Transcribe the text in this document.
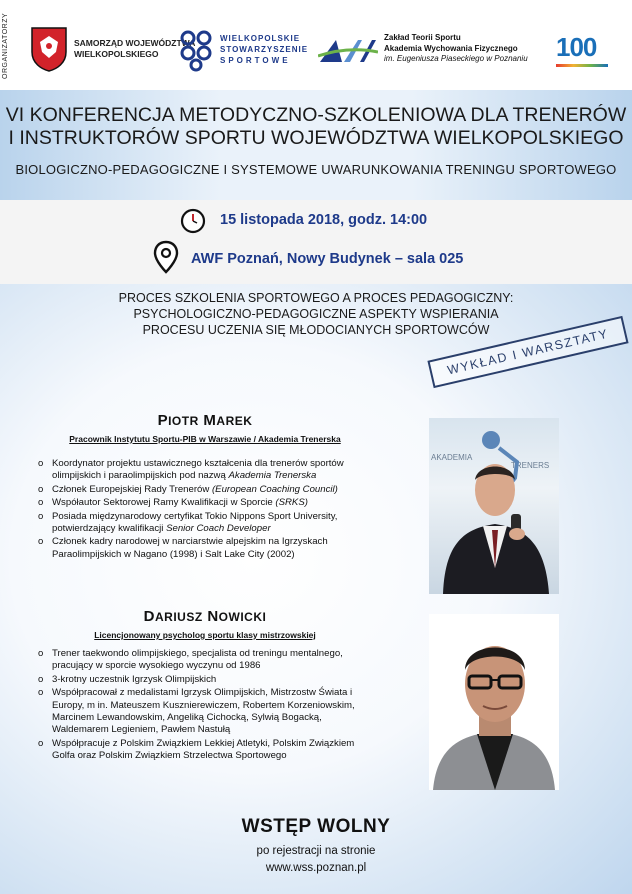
ORGANIZATORZY	SAMORZĄD WOJEWÓDZTWA
WIELKOPOLSKIEGO
WIELKOPOLSKIE
STOWARZYSZENIE
SPORTOWE
Zakład Teorii Sportu
Akademia Wychowania Fizycznego
im. Eugeniusza Piaseckiego w Poznaniu 100
VI KONFERENCJA METODYCZNO-SZKOLENIOWA DLA TRENERÓW
I INSTRUKTORÓW SPORTU WOJEWÓDZTWA WIELKOPOLSKIEGO
BIOLOGICZNO-PEDAGOGICZNE I SYSTEMOWE UWARUNKOWANIA TRENINGU SPORTOWEGO
15 listopada 2018, godz. 14:00
AWF Poznań, Nowy Budynek – sala 025
PROCES SZKOLENIA SPORTOWEGO A PROCES PEDAGOGICZNY:
PSYCHOLOGICZNO-PEDAGOGICZNE ASPEKTY WSPIERANIA
PROCESU UCZENIA SIĘ MŁODOCIANYCH SPORTOWCÓW
WYKŁAD I WARSZTATY
PIOTR MAREK
Pracownik Instytutu Sportu-PIB w Warszawie / Akademia Trenerska
o Koordynator projektu ustawicznego kształcenia dla trenerów sportów olimpijskich i paraolimpijskich pod nazwą Akademia Trenerska
o Członek Europejskiej Rady Trenerów (European Coaching Council)
o Współautor Sektorowej Ramy Kwalifikacji w Sporcie (SRKS)
o Posiada międzynarodowy certyfikat Tokio Nippons Sport University, potwierdzający kwalifikacji Senior Coach Developer
o Członek kadry narodowej w narciarstwie alpejskim na Igrzyskach Paraolimpijskich w Nagano (1998) i Salt Lake City (2002)
AKADEMIA
TRENERS
DARIUSZ NOWICKI
Licencjonowany psycholog sportu klasy mistrzowskiej
o Trener taekwondo olimpijskiego, specjalista od treningu mentalnego, pracujący w sporcie wysokiego wyczynu od 1986
o 3-krotny uczestnik Igrzysk Olimpijskich
o Współpracował z medalistami Igrzysk Olimpijskich, Mistrzostw Świata i Europy, m in. Mateuszem Kusznierewiczem, Robertem Korzeniowskim, Marcinem Lewandowskim, Angeliką Cichocką, Sylwią Bogacką, Waldemarem Legieniem, Pawłem Nastułą
o Współpracuje z Polskim Związkiem Lekkiej Atletyki, Polskim Związkiem Golfa oraz Polskim Związkiem Strzelectwa Sportowego
WSTĘP WOLNY
po rejestracji na stronie
www.wss.poznan.pl
